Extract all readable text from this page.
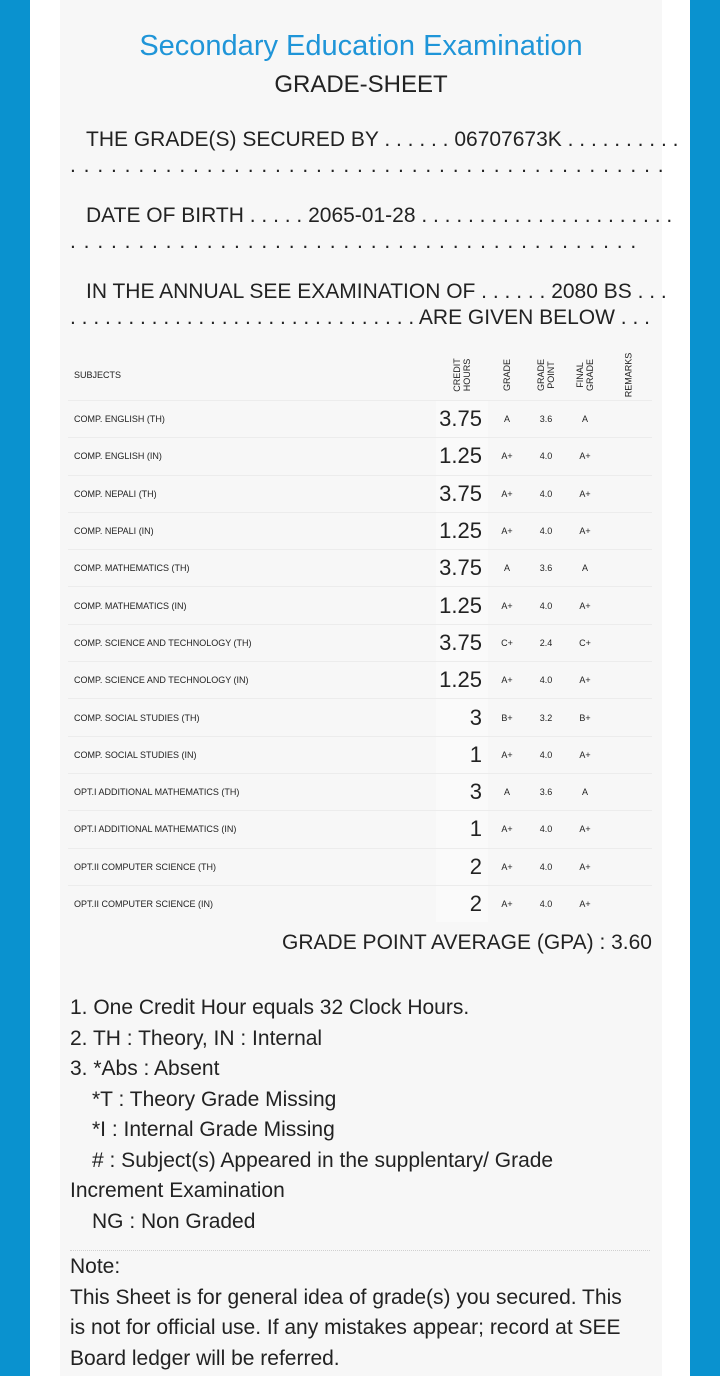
Secondary Education Examination
GRADE-SHEET
THE GRADE(S) SECURED BY . . . . . . 06707673K . . . . . . . . . .
. . . . . . . . . . . . . . . . . . . . . . . . . . . . . . . . . . . . . . . . . . . .
DATE OF BIRTH . . . . . 2065-01-28 . . . . . . . . . . . . . . . . . . . . . .
. . . . . . . . . . . . . . . . . . . . . . . . . . . . . . . . . . . . . . . . . .
IN THE ANNUAL SEE EXAMINATION OF . . . . . . 2080 BS . . .
. . . . . . . . . . . . . . . . . . . . . . . . . . . . . . ARE GIVEN BELOW . . .
SUBJECTS	CREDIT HOURS	GRADE	GRADE POINT	FINAL GRADE	REMARKS
COMP. ENGLISH (TH)	3.75	A	3.6	A	
COMP. ENGLISH (IN)	1.25	A+	4.0	A+	
COMP. NEPALI (TH)	3.75	A+	4.0	A+	
COMP. NEPALI (IN)	1.25	A+	4.0	A+	
COMP. MATHEMATICS (TH)	3.75	A	3.6	A	
COMP. MATHEMATICS (IN)	1.25	A+	4.0	A+	
COMP. SCIENCE AND TECHNOLOGY (TH)	3.75	C+	2.4	C+	
COMP. SCIENCE AND TECHNOLOGY (IN)	1.25	A+	4.0	A+	
COMP. SOCIAL STUDIES (TH)	3	B+	3.2	B+	
COMP. SOCIAL STUDIES (IN)	1	A+	4.0	A+	
OPT.I ADDITIONAL MATHEMATICS (TH)	3	A	3.6	A	
OPT.I ADDITIONAL MATHEMATICS (IN)	1	A+	4.0	A+	
OPT.II COMPUTER SCIENCE (TH)	2	A+	4.0	A+	
OPT.II COMPUTER SCIENCE (IN)	2	A+	4.0	A+	
GRADE POINT AVERAGE (GPA) : 3.60
1. One Credit Hour equals 32 Clock Hours.
2. TH : Theory, IN : Internal
3. *Abs : Absent
*T : Theory Grade Missing
*I : Internal Grade Missing
# : Subject(s) Appeared in the supplentary/ Grade
Increment Examination
NG : Non Graded
Note:
This Sheet is for general idea of grade(s) you secured. This
is not for official use. If any mistakes appear; record at SEE
Board ledger will be referred.
